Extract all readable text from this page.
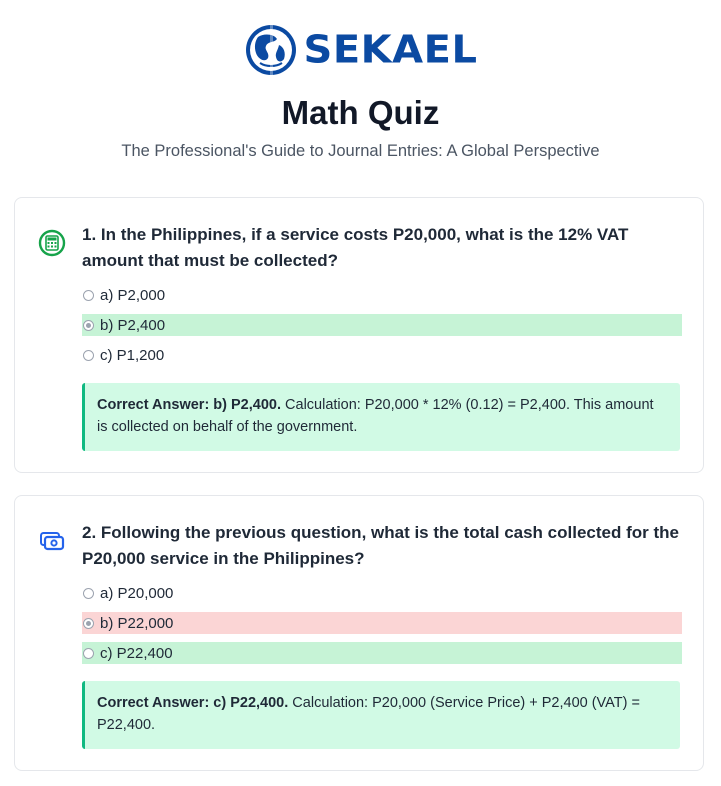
SEKAEL
Math Quiz

The Professional's Guide to Journal Entries: A Global Perspective

1. In the Philippines, if a service costs P20,000, what is the 12% VAT amount that must be collected?
a) P2,000
b) P2,400
c) P1,200
Correct Answer: b) P2,400. Calculation: P20,000 * 12% (0.12) = P2,400. This amount is collected on behalf of the government.
2. Following the previous question, what is the total cash collected for the P20,000 service in the Philippines?
a) P20,000
b) P22,000
c) P22,400
Correct Answer: c) P22,400. Calculation: P20,000 (Service Price) + P2,400 (VAT) = P22,400.
